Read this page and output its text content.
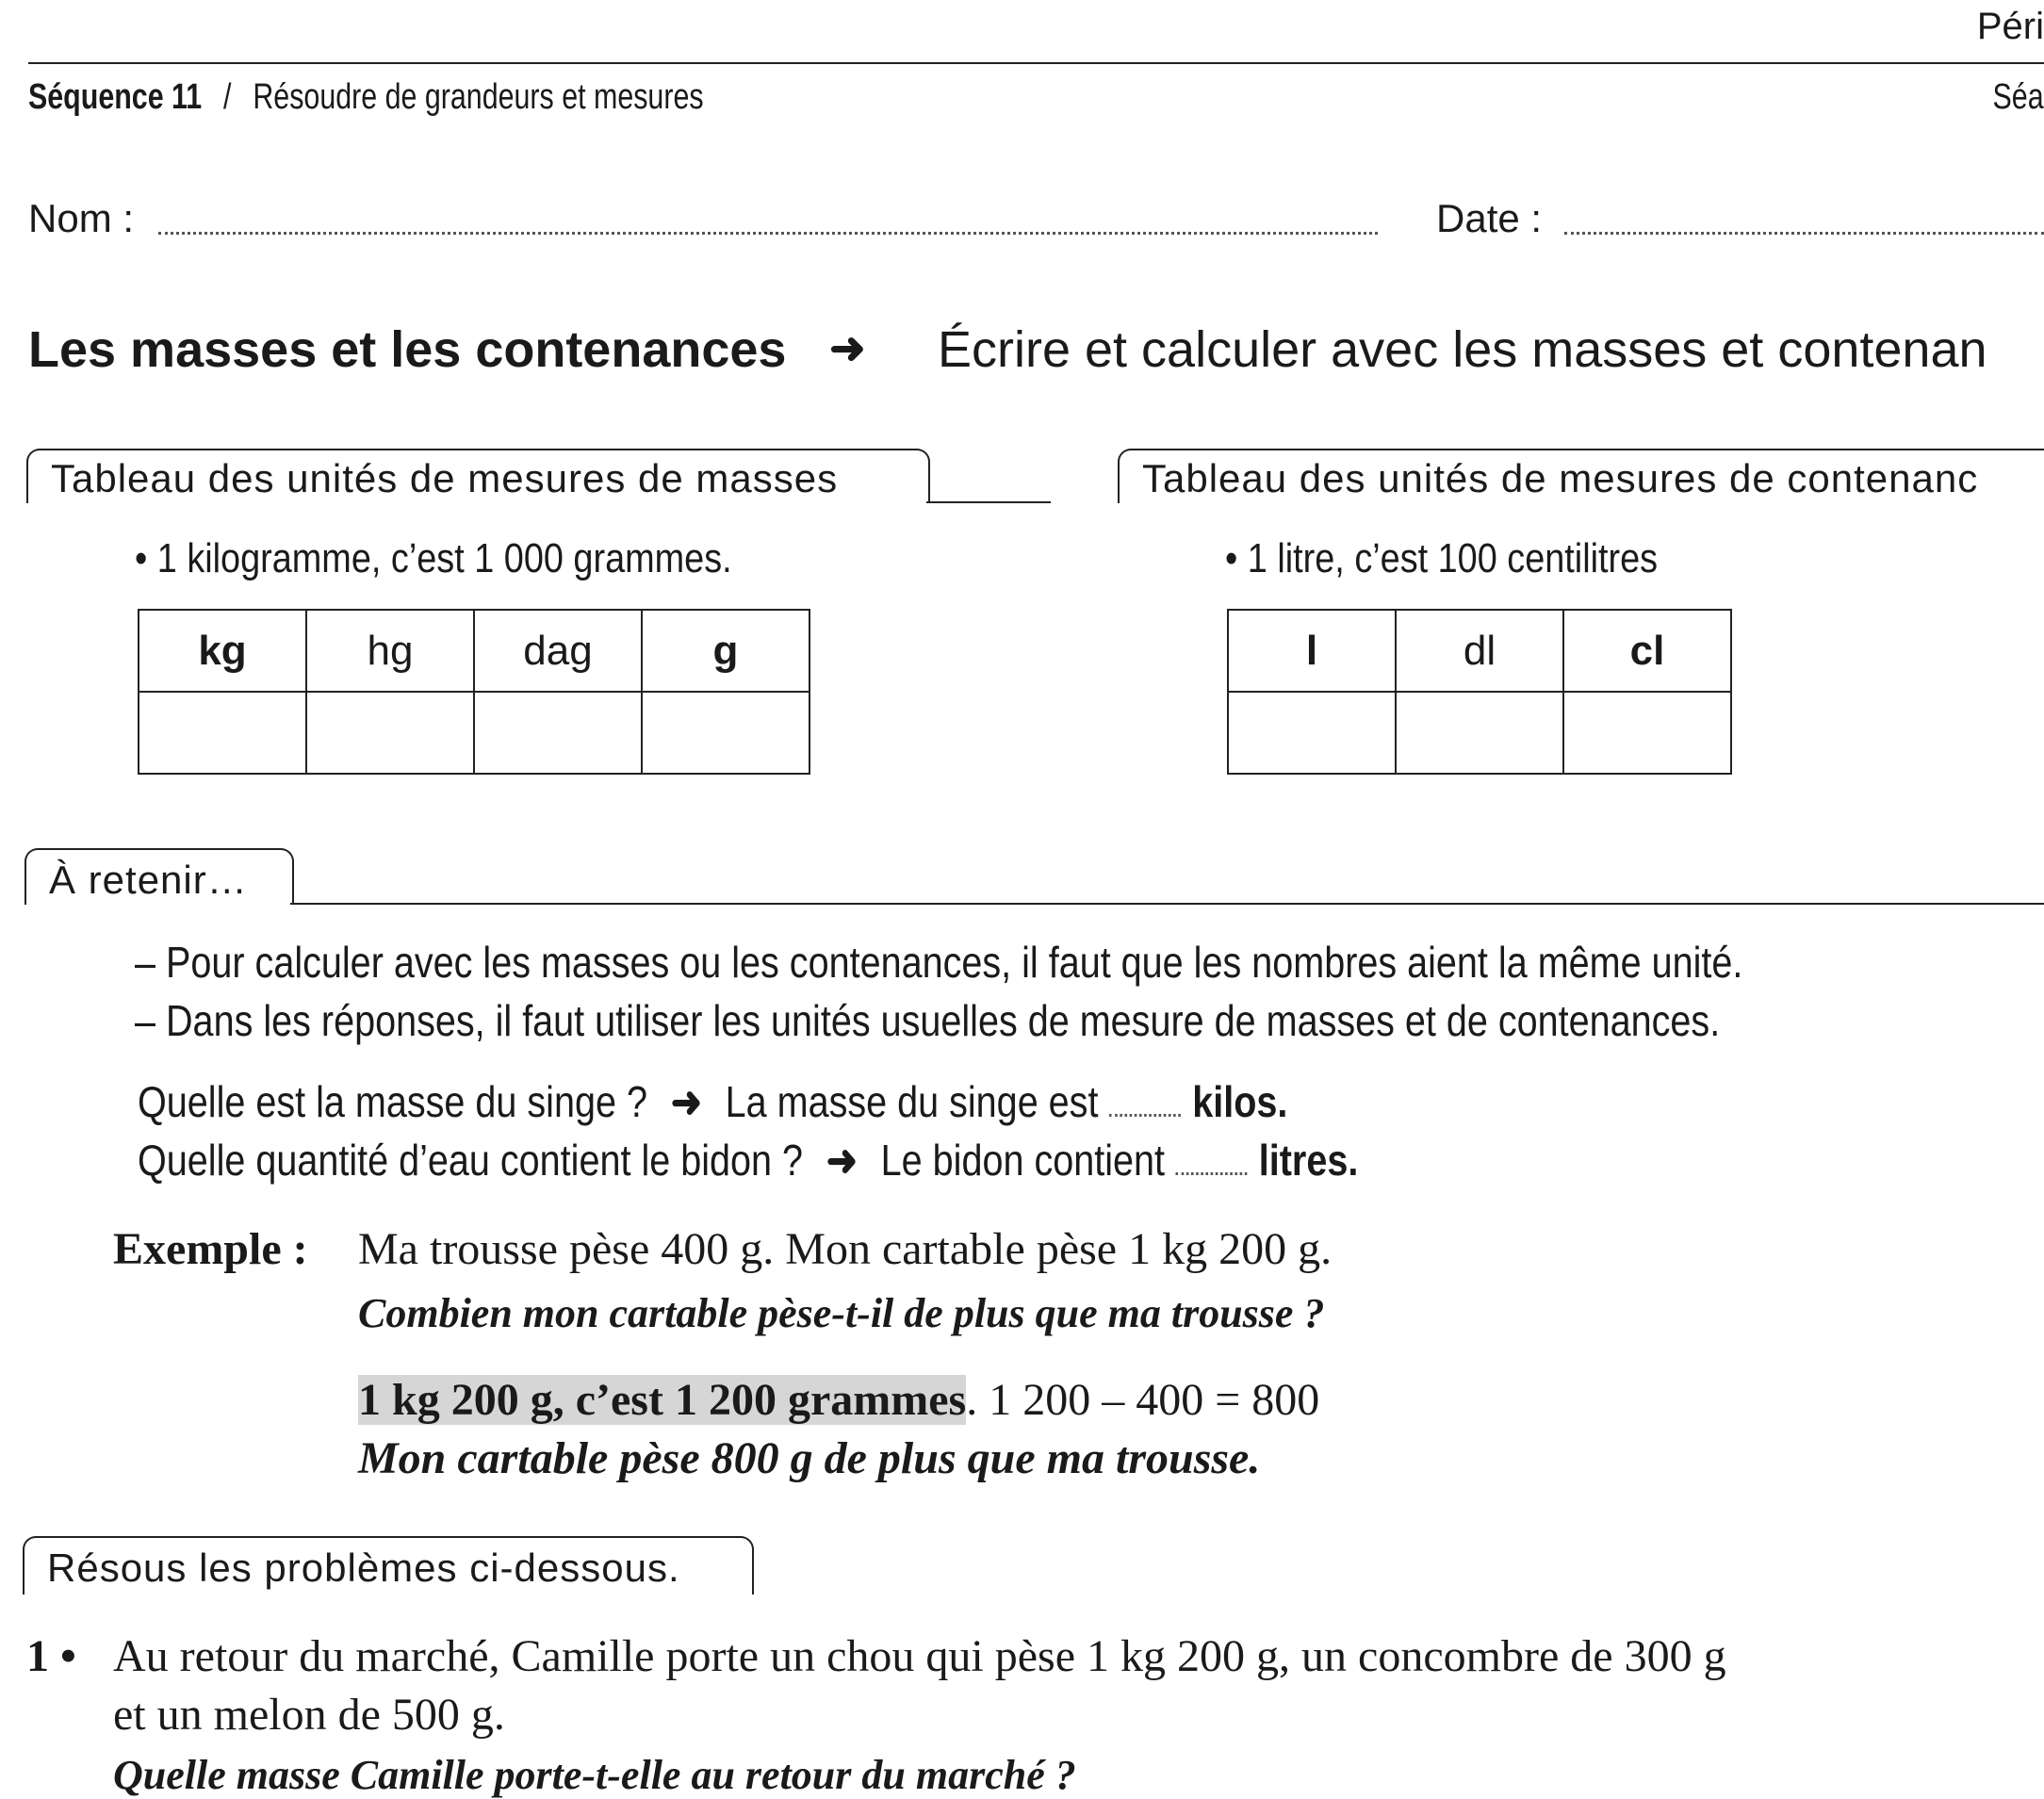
Péri
Séquence 11 / Résoudre de grandeurs et mesures	Séa
Nom :	Date :
Les masses et les contenances ➜ Écrire et calculer avec les masses et contenan
Tableau des unités de mesures de masses
• 1 kilogramme, c’est 1 000 grammes.
kg	hg	dag	g

Tableau des unités de mesures de contenanc
• 1 litre, c’est 100 centilitres
l	dl	cl

À retenir…
– Pour calculer avec les masses ou les contenances, il faut que les nombres aient la même unité.
– Dans les réponses, il faut utiliser les unités usuelles de mesure de masses et de contenances.
Quelle est la masse du singe ? ➜ La masse du singe est kilos.
Quelle quantité d’eau contient le bidon ? ➜ Le bidon contient litres.
Exemple : Ma trousse pèse 400 g. Mon cartable pèse 1 kg 200 g.
Combien mon cartable pèse-t-il de plus que ma trousse ?
1 kg 200 g, c’est 1 200 grammes. 1 200 – 400 = 800
Mon cartable pèse 800 g de plus que ma trousse.
Résous les problèmes ci-dessous.
1 • Au retour du marché, Camille porte un chou qui pèse 1 kg 200 g, un concombre de 300 g
et un melon de 500 g.
Quelle masse Camille porte-t-elle au retour du marché ?
